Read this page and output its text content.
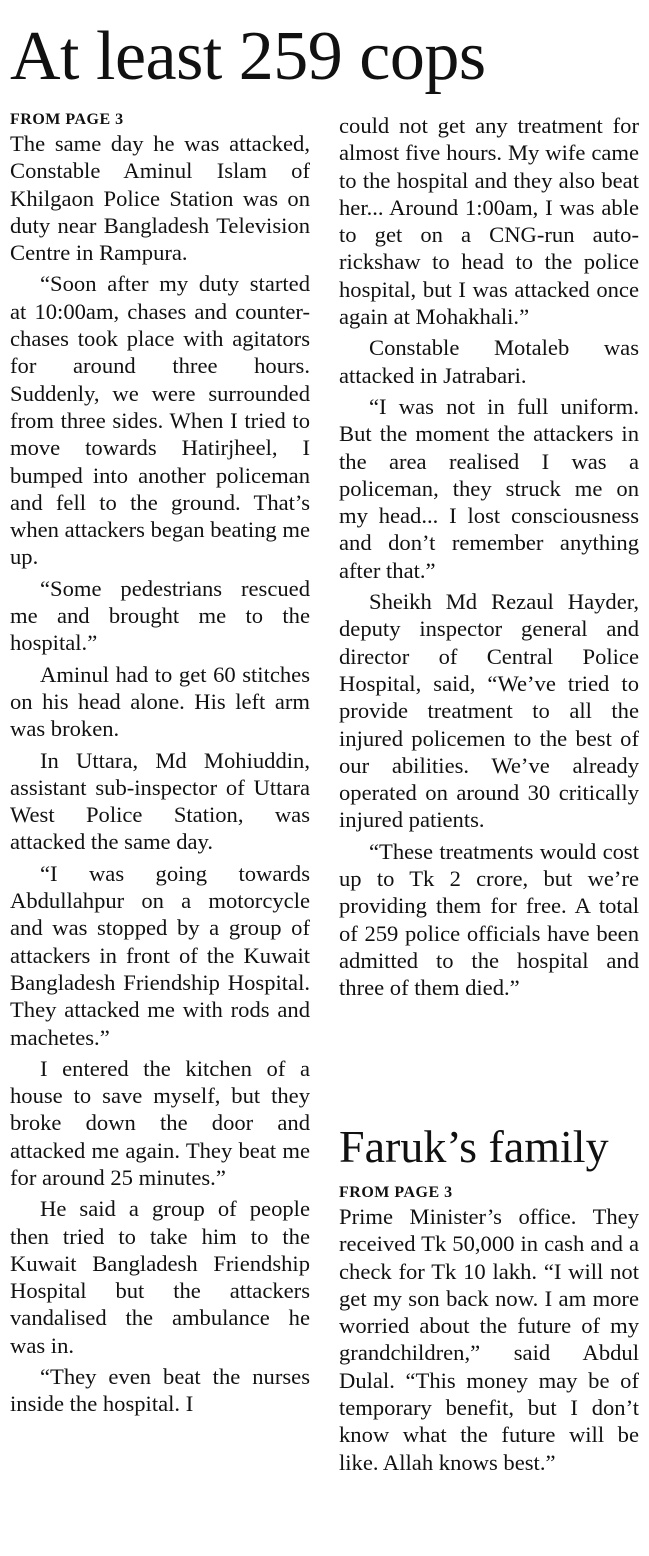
At least 259 cops
FROM PAGE 3

The same day he was attacked, Constable Aminul Islam of Khilgaon Police Station was on duty near Bangladesh Television Centre in Rampura.

“Soon after my duty started at 10:00am, chases and counter-chases took place with agitators for around three hours. Suddenly, we were surrounded from three sides. When I tried to move towards Hatirjheel, I bumped into another policeman and fell to the ground. That’s when attackers began beating me up.

“Some pedestrians rescued me and brought me to the hospital.”

Aminul had to get 60 stitches on his head alone. His left arm was broken.

In Uttara, Md Mohiuddin, assistant sub-inspector of Uttara West Police Station, was attacked the same day.

“I was going towards Abdullahpur on a motorcycle and was stopped by a group of attackers in front of the Kuwait Bangladesh Friendship Hospital. They attacked me with rods and machetes.”

I entered the kitchen of a house to save myself, but they broke down the door and attacked me again. They beat me for around 25 minutes.”

He said a group of people then tried to take him to the Kuwait Bangladesh Friendship Hospital but the attackers vandalised the ambulance he was in.

“They even beat the nurses inside the hospital. I

could not get any treatment for almost five hours. My wife came to the hospital and they also beat her... Around 1:00am, I was able to get on a CNG-run auto-rickshaw to head to the police hospital, but I was attacked once again at Mohakhali.”

Constable Motaleb was attacked in Jatrabari.

“I was not in full uniform. But the moment the attackers in the area realised I was a policeman, they struck me on my head... I lost consciousness and don’t remember anything after that.”

Sheikh Md Rezaul Hayder, deputy inspector general and director of Central Police Hospital, said, “We’ve tried to provide treatment to all the injured policemen to the best of our abilities. We’ve already operated on around 30 critically injured patients.

“These treatments would cost up to Tk 2 crore, but we’re providing them for free. A total of 259 police officials have been admitted to the hospital and three of them died.”

Faruk’s family
FROM PAGE 3

Prime Minister’s office. They received Tk 50,000 in cash and a check for Tk 10 lakh. “I will not get my son back now. I am more worried about the future of my grandchildren,” said Abdul Dulal. “This money may be of temporary benefit, but I don’t know what the future will be like. Allah knows best.”
